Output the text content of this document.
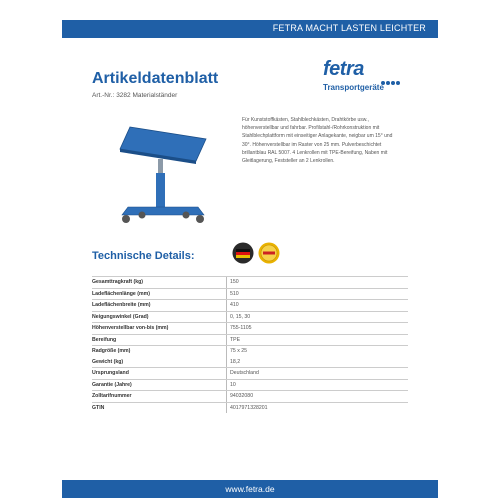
FETRA MACHT LASTEN LEICHTER
Artikeldatenblatt
Art.-Nr.: 3282 Materialständer
fetra
Transportgeräte
Für Kunststoffkästen, Stahlblechkästen, Drahtkörbe usw., höhenverstellbar und fahrbar. Profilstahl-/Rohrkonstruktion mit Stahlblechplattform mit einseitiger Anlagekante, neigbar um 15° und 30°. Höhenverstellbar im Raster von 25 mm. Pulverbeschichtet brillantblau RAL 5007. 4 Lenkrollen mit TPE-Bereifung, Naben mit Gleitlagerung, Feststeller an 2 Lenkrollen.
Technische Details:
Gesamttragkraft (kg)	150
Ladeflächenlänge (mm)	510
Ladeflächenbreite (mm)	410
Neigungswinkel (Grad)	0, 15, 30
Höhenverstellbar von-bis (mm)	755-1105
Bereifung	TPE
Radgröße (mm)	75 x 25
Gewicht (kg)	18,2
Ursprungsland	Deutschland
Garantie (Jahre)	10
Zolltarifnummer	94032080
GTIN	4017971328201
www.fetra.de
